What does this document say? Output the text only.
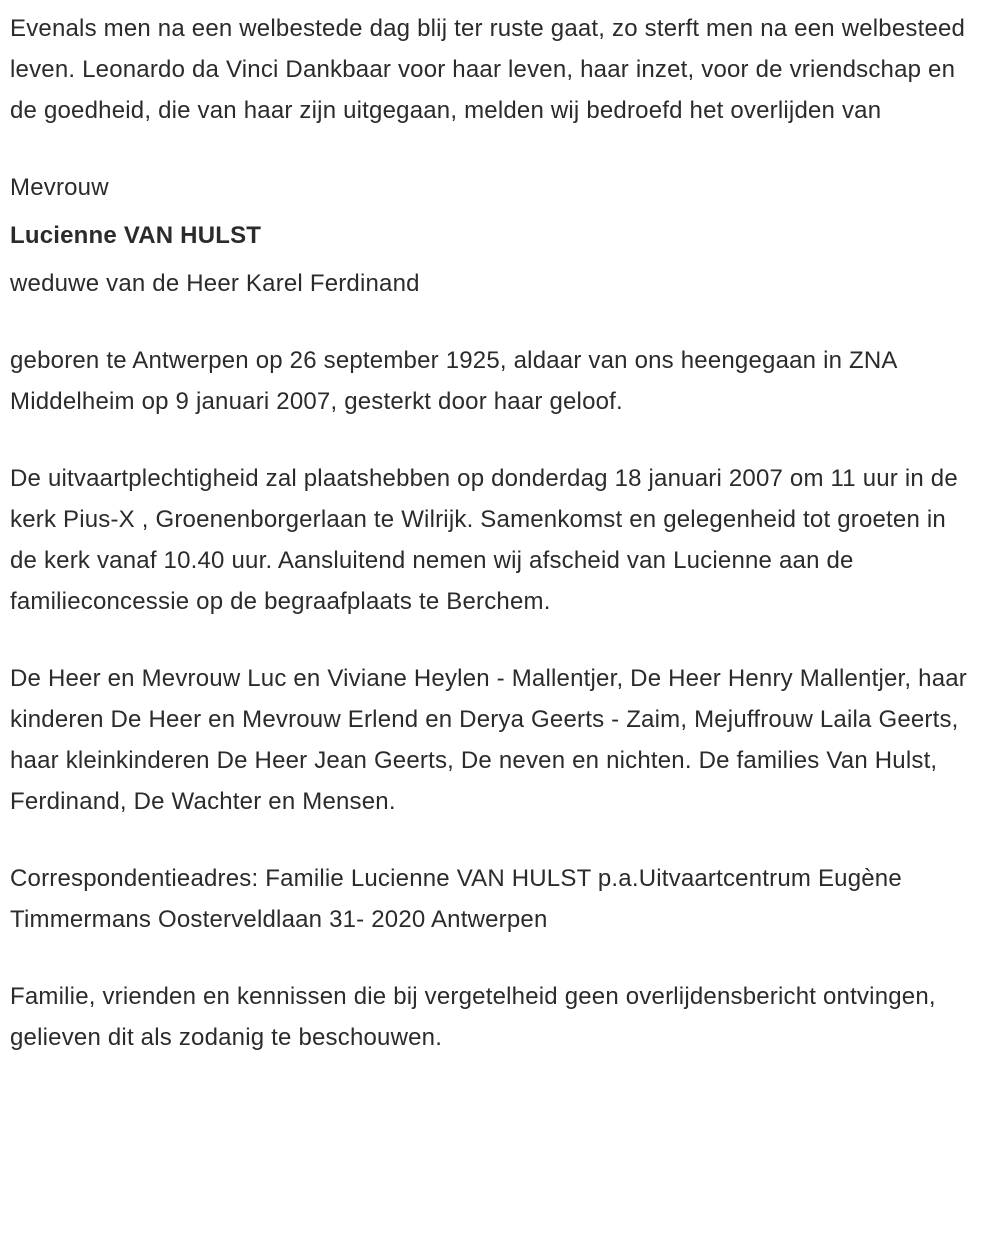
Evenals men na een welbestede dag blij ter ruste gaat, zo sterft men na een welbesteed leven. Leonardo da Vinci Dankbaar voor haar leven, haar inzet, voor de vriendschap en de goedheid, die van haar zijn uitgegaan, melden wij bedroefd het overlijden van

Mevrouw

Lucienne VAN HULST

weduwe van de Heer Karel Ferdinand

geboren te Antwerpen op 26 september 1925, aldaar van ons heengegaan in ZNA Middelheim op 9 januari 2007, gesterkt door haar geloof.

De uitvaartplechtigheid zal plaatshebben op donderdag 18 januari 2007 om 11 uur in de kerk Pius-X , Groenenborgerlaan te Wilrijk. Samenkomst en gelegenheid tot groeten in de kerk vanaf 10.40 uur. Aansluitend nemen wij afscheid van Lucienne aan de familieconcessie op de begraafplaats te Berchem.

De Heer en Mevrouw Luc en Viviane Heylen - Mallentjer, De Heer Henry Mallentjer, haar kinderen De Heer en Mevrouw Erlend en Derya Geerts - Zaim, Mejuffrouw Laila Geerts, haar kleinkinderen De Heer Jean Geerts, De neven en nichten. De families Van Hulst, Ferdinand, De Wachter en Mensen.

Correspondentieadres: Familie Lucienne VAN HULST p.a.Uitvaartcentrum Eugène Timmermans Oosterveldlaan 31- 2020 Antwerpen

Familie, vrienden en kennissen die bij vergetelheid geen overlijdensbericht ontvingen, gelieven dit als zodanig te beschouwen.
